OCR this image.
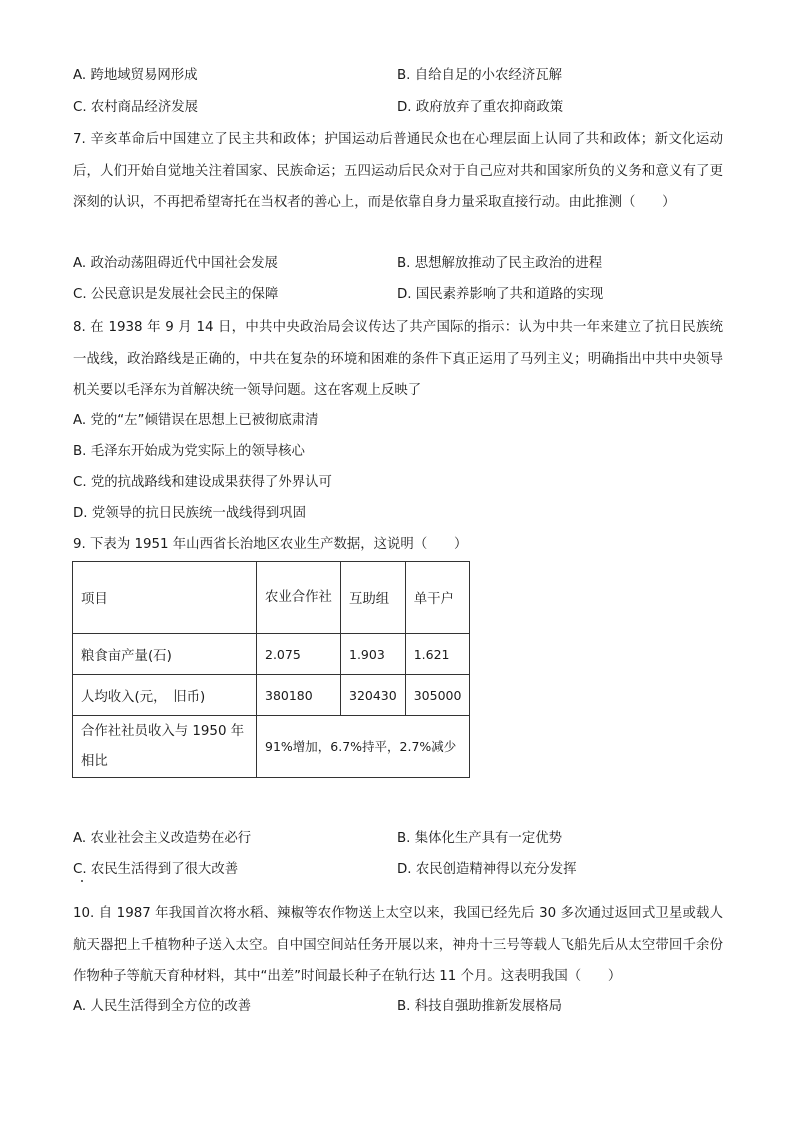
A. 跨地域贸易网形成	B. 自给自足的小农经济瓦解
C. 农村商品经济发展	D. 政府放弃了重农抑商政策

7. 辛亥革命后中国建立了民主共和政体；护国运动后普通民众也在心理层面上认同了共和政体；新文化运动后，人们开始自觉地关注着国家、民族命运；五四运动后民众对于自己应对共和国家所负的义务和意义有了更深刻的认识，不再把希望寄托在当权者的善心上，而是依靠自身力量采取直接行动。由此推测（　　）

A. 政治动荡阻碍近代中国社会发展	B. 思想解放推动了民主政治的进程
C. 公民意识是发展社会民主的保障	D. 国民素养影响了共和道路的实现

8. 在 1938 年 9 月 14 日，中共中央政治局会议传达了共产国际的指示：认为中共一年来建立了抗日民族统一战线，政治路线是正确的，中共在复杂的环境和困难的条件下真正运用了马列主义；明确指出中共中央领导机关要以毛泽东为首解决统一领导问题。这在客观上反映了

A. 党的“左”倾错误在思想上已被彻底肃清
B. 毛泽东开始成为党实际上的领导核心
C. 党的抗战路线和建设成果获得了外界认可
D. 党领导的抗日民族统一战线得到巩固
9. 下表为 1951 年山西省长治地区农业生产数据，这说明（　　）
项目	农业合作社	互助组	单干户
粮食亩产量(石)	2.075	1.903	1.621
人均收入(元，　旧币)	380180	320430	305000
合作社社员收入与 1950 年相比	91%增加，6.7%持平，2.7%减少		
A. 农业社会主义改造势在必行	B. 集体化生产具有一定优势
C. 农民生活得到了很大改善	D. 农民创造精神得以充分发挥

10. 自 1987 年我国首次将水稻、辣椒等农作物送上太空以来，我国已经先后 30 多次通过返回式卫星或载人航天器把上千植物种子送入太空。自中国空间站任务开展以来，神舟十三号等载人飞船先后从太空带回千余份作物种子等航天育种材料，其中“出差”时间最长种子在轨行达 11 个月。这表明我国（　　）

A. 人民生活得到全方位的改善	B. 科技自强助推新发展格局
